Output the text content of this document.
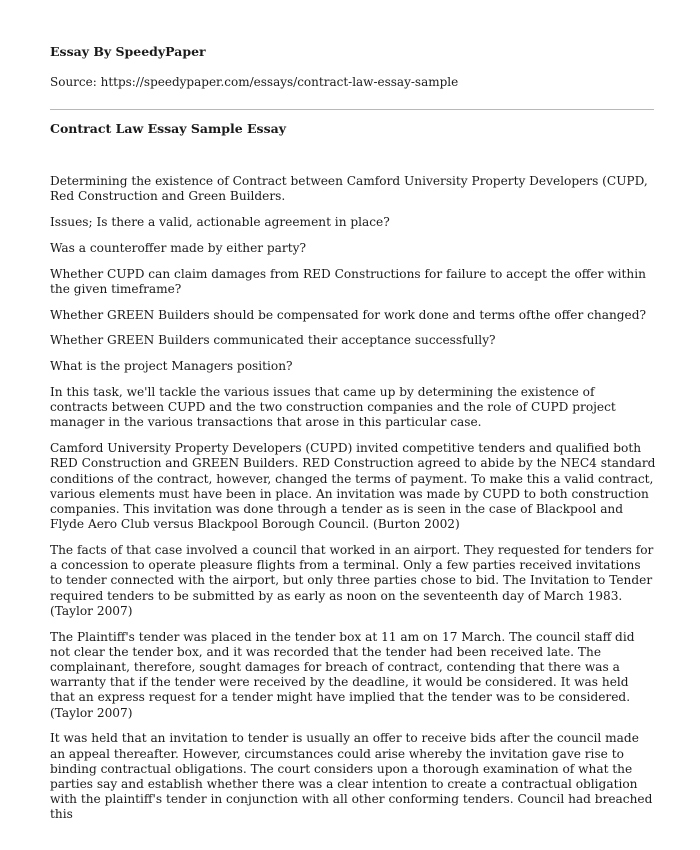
Essay By SpeedyPaper
Source: https://speedypaper.com/essays/contract-law-essay-sample
Contract Law Essay Sample Essay

Determining the existence of Contract between Camford University Property Developers (CUPD, Red Construction and Green Builders.

Issues; Is there a valid, actionable agreement in place?

Was a counteroffer made by either party?

Whether CUPD can claim damages from RED Constructions for failure to accept the offer within the given timeframe?

Whether GREEN Builders should be compensated for work done and terms ofthe offer changed?

Whether GREEN Builders communicated their acceptance successfully?

What is the project Managers position?

In this task, we'll tackle the various issues that came up by determining the existence of contracts between CUPD and the two construction companies and the role of CUPD project manager in the various transactions that arose in this particular case.

Camford University Property Developers (CUPD) invited competitive tenders and qualified both RED Construction and GREEN Builders. RED Construction agreed to abide by the NEC4 standard conditions of the contract, however, changed the terms of payment. To make this a valid contract, various elements must have been in place. An invitation was made by CUPD to both construction companies. This invitation was done through a tender as is seen in the case of Blackpool and Flyde Aero Club versus Blackpool Borough Council. (Burton 2002)

The facts of that case involved a council that worked in an airport. They requested for tenders for a concession to operate pleasure flights from a terminal. Only a few parties received invitations to tender connected with the airport, but only three parties chose to bid. The Invitation to Tender required tenders to be submitted by as early as noon on the seventeenth day of March 1983. (Taylor 2007)

The Plaintiff's tender was placed in the tender box at 11 am on 17 March. The council staff did not clear the tender box, and it was recorded that the tender had been received late. The complainant, therefore, sought damages for breach of contract, contending that there was a warranty that if the tender were received by the deadline, it would be considered. It was held that an express request for a tender might have implied that the tender was to be considered. (Taylor 2007)

It was held that an invitation to tender is usually an offer to receive bids after the council made an appeal thereafter. However, circumstances could arise whereby the invitation gave rise to binding contractual obligations. The court considers upon a thorough examination of what the parties say and establish whether there was a clear intention to create a contractual obligation with the plaintiff's tender in conjunction with all other conforming tenders. Council had breached this
